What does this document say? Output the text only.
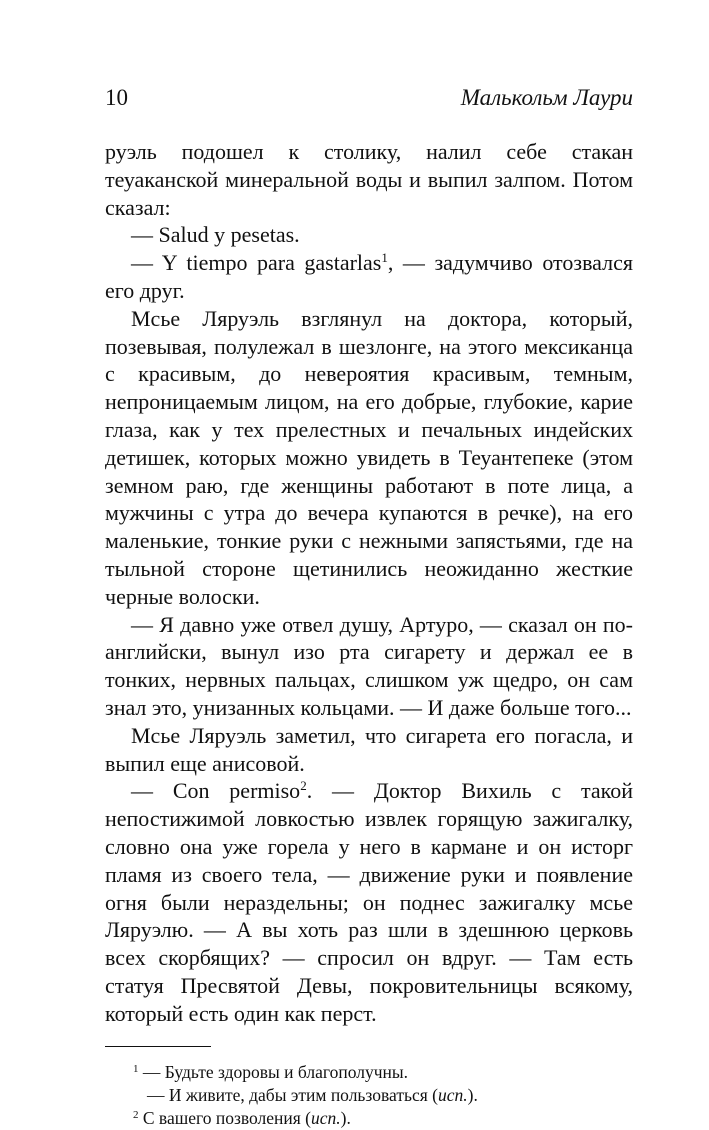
10	Малькольм Лаури

руэль подошел к столику, налил себе стакан теуаканской минеральной воды и выпил залпом. Потом сказал:

— Salud y pesetas.

— Y tiempo para gastarlas$^1$, — задумчиво отозвался его друг.

Мсье Ляруэль взглянул на доктора, который, позевывая, полулежал в шезлонге, на этого мексиканца с красивым, до невероятия красивым, темным, непроницаемым лицом, на его добрые, глубокие, карие глаза, как у тех прелестных и печальных индейских детишек, которых можно увидеть в Теуантепеке (этом земном раю, где женщины работают в поте лица, а мужчины с утра до вечера купаются в речке), на его маленькие, тонкие руки с нежными запястьями, где на тыльной стороне щетинились неожиданно жесткие черные волоски.

— Я давно уже отвел душу, Артуро, — сказал он по-английски, вынул изо рта сигарету и держал ее в тонких, нервных пальцах, слишком уж щедро, он сам знал это, унизанных кольцами. — И даже больше того...

Мсье Ляруэль заметил, что сигарета его погасла, и выпил еще анисовой.

— Con permiso$^2$. — Доктор Вихиль с такой непостижимой ловкостью извлек горящую зажигалку, словно она уже горела у него в кармане и он исторг пламя из своего тела, — движение руки и появление огня были нераздельны; он поднес зажигалку мсье Ляруэлю. — А вы хоть раз шли в здешнюю церковь всех скорбящих? — спросил он вдруг. — Там есть статуя Пресвятой Девы, покровительницы всякому, который есть один как перст.

$^1$ — Будьте здоровы и благополучны.

— И живите, дабы этим пользоваться (исп.).

$^2$ С вашего позволения (исп.).
